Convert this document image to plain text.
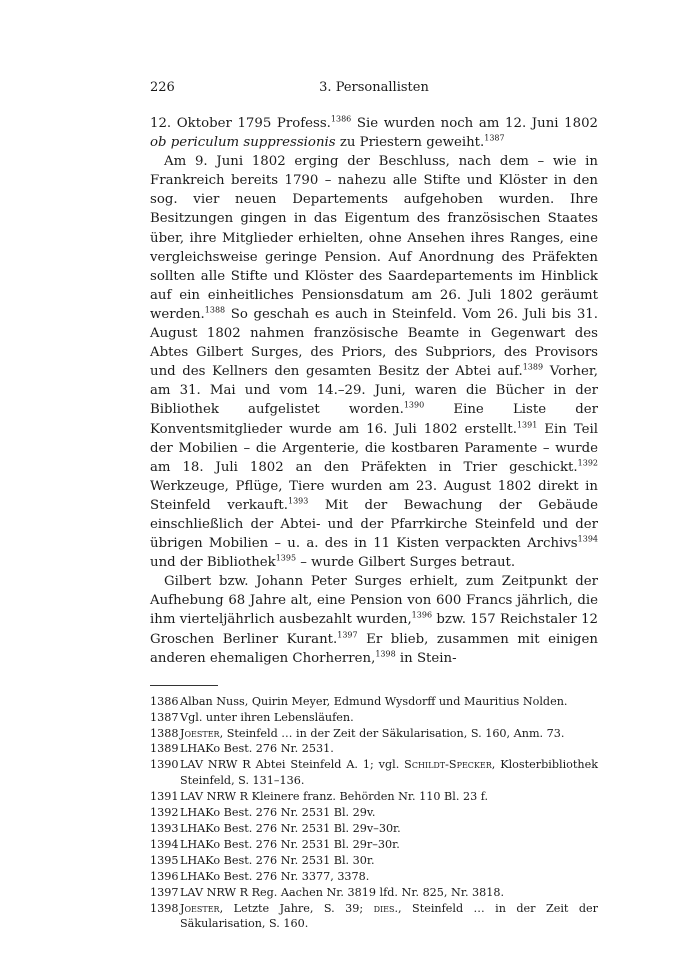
226	3. Personallisten

12. Oktober 1795 Profess.$^{1386}$ Sie wurden noch am 12. Juni 1802 ob periculum suppressionis zu Priestern geweiht.$^{1387}$

Am 9. Juni 1802 erging der Beschluss, nach dem – wie in Frankreich bereits 1790 – nahezu alle Stifte und Klöster in den sog. vier neuen Departements aufgehoben wurden. Ihre Besitzungen gingen in das Eigentum des französischen Staates über, ihre Mitglieder erhielten, ohne Ansehen ihres Ranges, eine vergleichsweise geringe Pension. Auf Anordnung des Präfekten sollten alle Stifte und Klöster des Saardepartements im Hinblick auf ein einheitliches Pensionsdatum am 26. Juli 1802 geräumt werden.$^{1388}$ So geschah es auch in Steinfeld. Vom 26. Juli bis 31. August 1802 nahmen französische Beamte in Gegenwart des Abtes Gilbert Surges, des Priors, des Subpriors, des Provisors und des Kellners den gesamten Besitz der Abtei auf.$^{1389}$ Vorher, am 31. Mai und vom 14.–29. Juni, waren die Bücher in der Bibliothek aufgelistet worden.$^{1390}$ Eine Liste der Konventsmitglieder wurde am 16. Juli 1802 erstellt.$^{1391}$ Ein Teil der Mobilien – die Argenterie, die kostbaren Paramente – wurde am 18. Juli 1802 an den Präfekten in Trier geschickt.$^{1392}$ Werkzeuge, Pflüge, Tiere wurden am 23. August 1802 direkt in Steinfeld verkauft.$^{1393}$ Mit der Bewachung der Gebäude einschließlich der Abtei- und der Pfarrkirche Steinfeld und der übrigen Mobilien – u. a. des in 11 Kisten verpackten Archivs$^{1394}$ und der Bibliothek$^{1395}$ – wurde Gilbert Surges betraut.

Gilbert bzw. Johann Peter Surges erhielt, zum Zeitpunkt der Aufhebung 68 Jahre alt, eine Pension von 600 Francs jährlich, die ihm vierteljährlich ausbezahlt wurden,$^{1396}$ bzw. 157 Reichstaler 12 Groschen Berliner Kurant.$^{1397}$ Er blieb, zusammen mit einigen anderen ehemaligen Chorherren,$^{1398}$ in Stein-

1386 Alban Nuss, Quirin Meyer, Edmund Wysdorff und Mauritius Nolden.
1387 Vgl. unter ihren Lebensläufen.
1388 Joester, Steinfeld … in der Zeit der Säkularisation, S. 160, Anm. 73.
1389 LHAKo Best. 276 Nr. 2531.
1390 LAV NRW R Abtei Steinfeld A. 1; vgl. Schildt-Specker, Klosterbibliothek Steinfeld, S. 131–136.
1391 LAV NRW R Kleinere franz. Behörden Nr. 110 Bl. 23 f.
1392 LHAKo Best. 276 Nr. 2531 Bl. 29v.
1393 LHAKo Best. 276 Nr. 2531 Bl. 29v–30r.
1394 LHAKo Best. 276 Nr. 2531 Bl. 29r–30r.
1395 LHAKo Best. 276 Nr. 2531 Bl. 30r.
1396 LHAKo Best. 276 Nr. 3377, 3378.
1397 LAV NRW R Reg. Aachen Nr. 3819 lfd. Nr. 825, Nr. 3818.
1398 Joester, Letzte Jahre, S. 39; dies., Steinfeld … in der Zeit der Säkularisation, S. 160.
